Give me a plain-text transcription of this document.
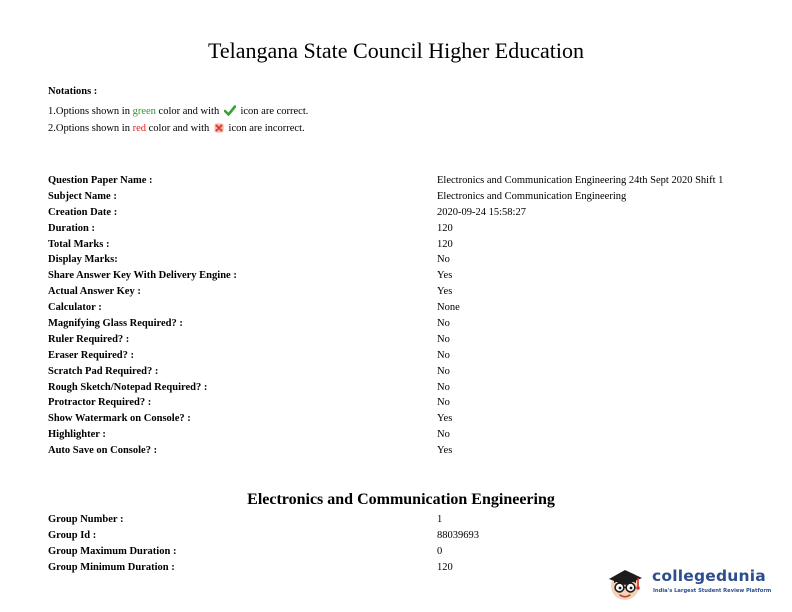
Telangana State Council Higher Education
Notations :
1.Options shown in green color and with  icon are correct.
2.Options shown in red color and with  icon are incorrect.
Question Paper Name :	Electronics and Communication Engineering 24th Sept 2020 Shift 1
Subject Name :	Electronics and Communication Engineering
Creation Date :	2020-09-24 15:58:27
Duration :	120
Total Marks :	120
Display Marks:	No
Share Answer Key With Delivery Engine :	Yes
Actual Answer Key :	Yes
Calculator :	None
Magnifying Glass Required? :	No
Ruler Required? :	No
Eraser Required? :	No
Scratch Pad Required? :	No
Rough Sketch/Notepad Required? :	No
Protractor Required? :	No
Show Watermark on Console? :	Yes
Highlighter :	No
Auto Save on Console? :	Yes
Electronics and Communication Engineering
Group Number :	1
Group Id :	88039693
Group Maximum Duration :	0
Group Minimum Duration :	120	collegedunia
India's Largest Student Review Platform
